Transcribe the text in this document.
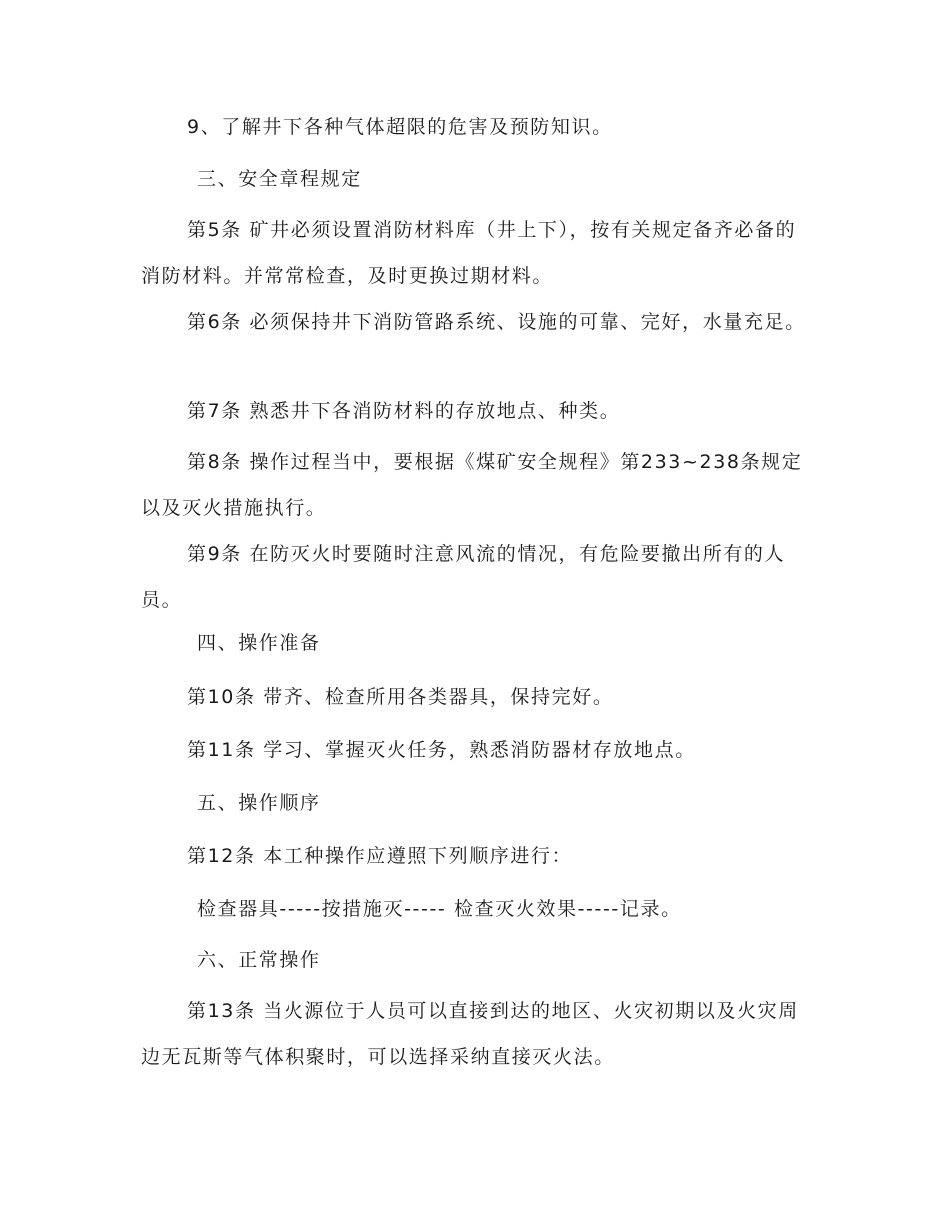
9、了解井下各种气体超限的危害及预防知识。
三、安全章程规定
第5条 矿井必须设置消防材料库（井上下），按有关规定备齐必备的消防材料。并常常检查，及时更换过期材料。
第6条 必须保持井下消防管路系统、设施的可靠、完好，水量充足。
第7条 熟悉井下各消防材料的存放地点、种类。
第8条 操作过程当中，要根据《煤矿安全规程》第233~238条规定以及灭火措施执行。
第9条 在防灭火时要随时注意风流的情况，有危险要撤出所有的人员。
四、操作准备
第10条 带齐、检查所用各类器具，保持完好。
第11条 学习、掌握灭火任务，熟悉消防器材存放地点。
五、操作顺序
第12条 本工种操作应遵照下列顺序进行：
检查器具-----按措施灭----- 检查灭火效果-----记录。
六、正常操作
第13条 当火源位于人员可以直接到达的地区、火灾初期以及火灾周边无瓦斯等气体积聚时，可以选择采纳直接灭火法。
